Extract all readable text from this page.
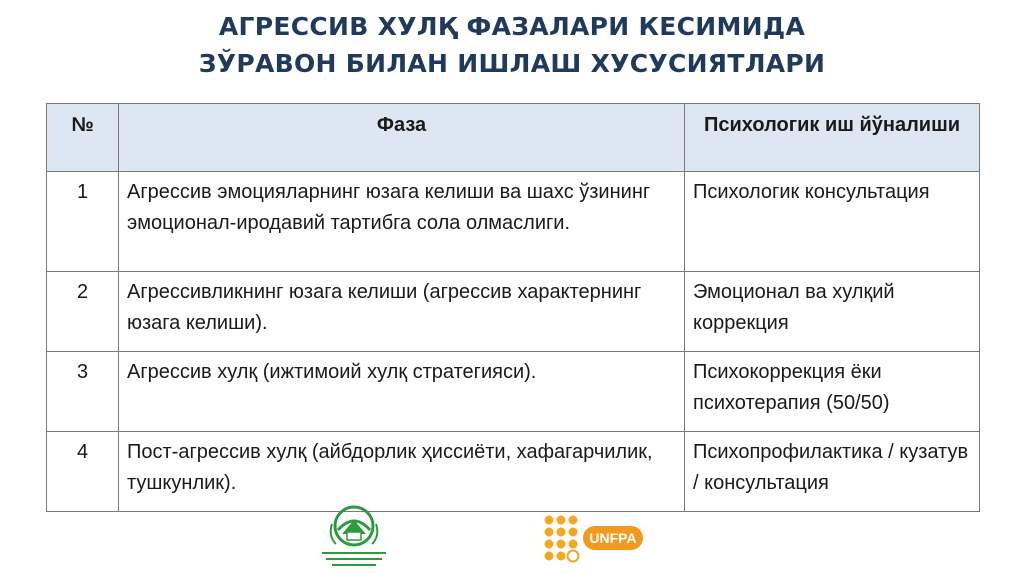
АГРЕССИВ ХУЛҚ ФАЗАЛАРИ КЕСИМИДА
ЗЎРАВОН БИЛАН ИШЛАШ ХУСУСИЯТЛАРИ
№	Фаза	Психологик иш йўналиши
1	Агрессив эмоцияларнинг юзага келиши ва шахс ўзининг эмоционал-иродавий тартибга сола олмаслиги.	Психологик консультация
2	Агрессивликнинг юзага келиши (агрессив характернинг юзага келиши).	Эмоционал ва хулқий коррекция
3	Агрессив хулқ (ижтимоий хулқ стратегияси).	Психокоррекция ёки психотерапия (50/50)
4	Пост-агрессив хулқ (айбдорлик ҳиссиёти, хафагарчилик, тушкунлик).	Психопрофилактика / кузатув / консультация
UNFPA
